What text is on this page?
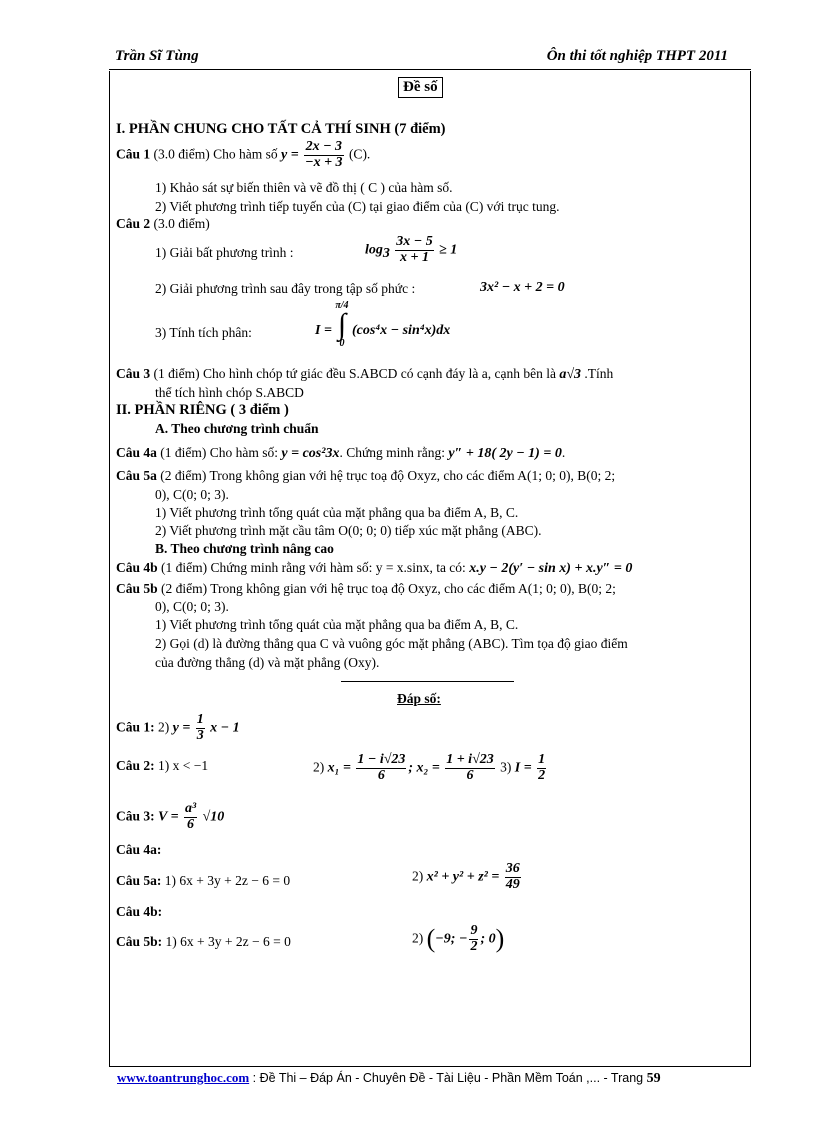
Trần Sĩ Tùng	Ôn thi tốt nghiệp THPT 2011
Đề số
I. PHẦN CHUNG CHO TẤT CẢ THÍ SINH (7 điểm)
Câu 1 (3.0 điểm) Cho hàm số $y = \frac{2x - 3}{-x + 3} (C)$.
1) Khảo sát sự biến thiên và vẽ đồ thị ( C ) của hàm số.
2) Viết phương trình tiếp tuyến của (C) tại giao điểm của (C) với trục tung.
Câu 2 (3.0 điểm)
1) Giải bất phương trình :	$\log_3 \frac{3x - 5}{x + 1} \ge 1$
2) Giải phương trình sau đây trong tập số phức :	3x² − x + 2 = 0
3) Tính tích phân:	I =
π/4
∫
0
(cos⁴x − sin⁴x)dx
Câu 3 (1 điểm) Cho hình chóp tứ giác đều S.ABCD có cạnh đáy là a, cạnh bên là a√3 .Tính
thể tích hình chóp S.ABCD
II. PHẦN RIÊNG ( 3 điểm )
A. Theo chương trình chuẩn
Câu 4a (1 điểm) Cho hàm số: y = cos²3x. Chứng minh rằng: y″ + 18( 2y − 1) = 0.
Câu 5a (2 điểm) Trong không gian với hệ trục toạ độ Oxyz, cho các điểm A(1; 0; 0), B(0; 2;
0), C(0; 0; 3).
1) Viết phương trình tổng quát của mặt phẳng qua ba điểm A, B, C.
2) Viết phương trình mặt cầu tâm O(0; 0; 0) tiếp xúc mặt phẳng (ABC).
B. Theo chương trình nâng cao
Câu 4b (1 điểm) Chứng minh rằng với hàm số: y = x.sinx, ta có: x.y − 2(y′ − sin x) + x.y″ = 0
Câu 5b (2 điểm) Trong không gian với hệ trục toạ độ Oxyz, cho các điểm A(1; 0; 0), B(0; 2;
0), C(0; 0; 3).
1) Viết phương trình tổng quát của mặt phẳng qua ba điểm A, B, C.
2) Gọi (d) là đường thẳng qua C và vuông góc mặt phẳng (ABC). Tìm tọa độ giao điểm
của đường thẳng (d) và mặt phẳng (Oxy).
Đáp số:
Câu 1: 2) $y = \frac{1}{3}$ x − 1
Câu 2: 1) x < −1	2) $x_1 = \frac{1 - i√23}{6}$ ; $x_2 = \frac{1 + i√23}{6} 3$) $I = \frac{1}{2}$
Câu 3: $V = \frac{\text{a³}}{6} √10$
Câu 4a:
Câu 5a: 1) 6x + 3y + 2z − 6 = 0	2) $x^2 + y^2 + z^2 = \frac{36}{49}$
Câu 4b:
Câu 5b: 1) 6x + 3y + 2z − 6 = 0	2) (−9; − $\frac{9}{2}$ ; 0)
www.toantrunghoc.com : Đề Thi – Đáp Án - Chuyên Đề - Tài Liệu - Phần Mềm Toán ,... - Trang 59
